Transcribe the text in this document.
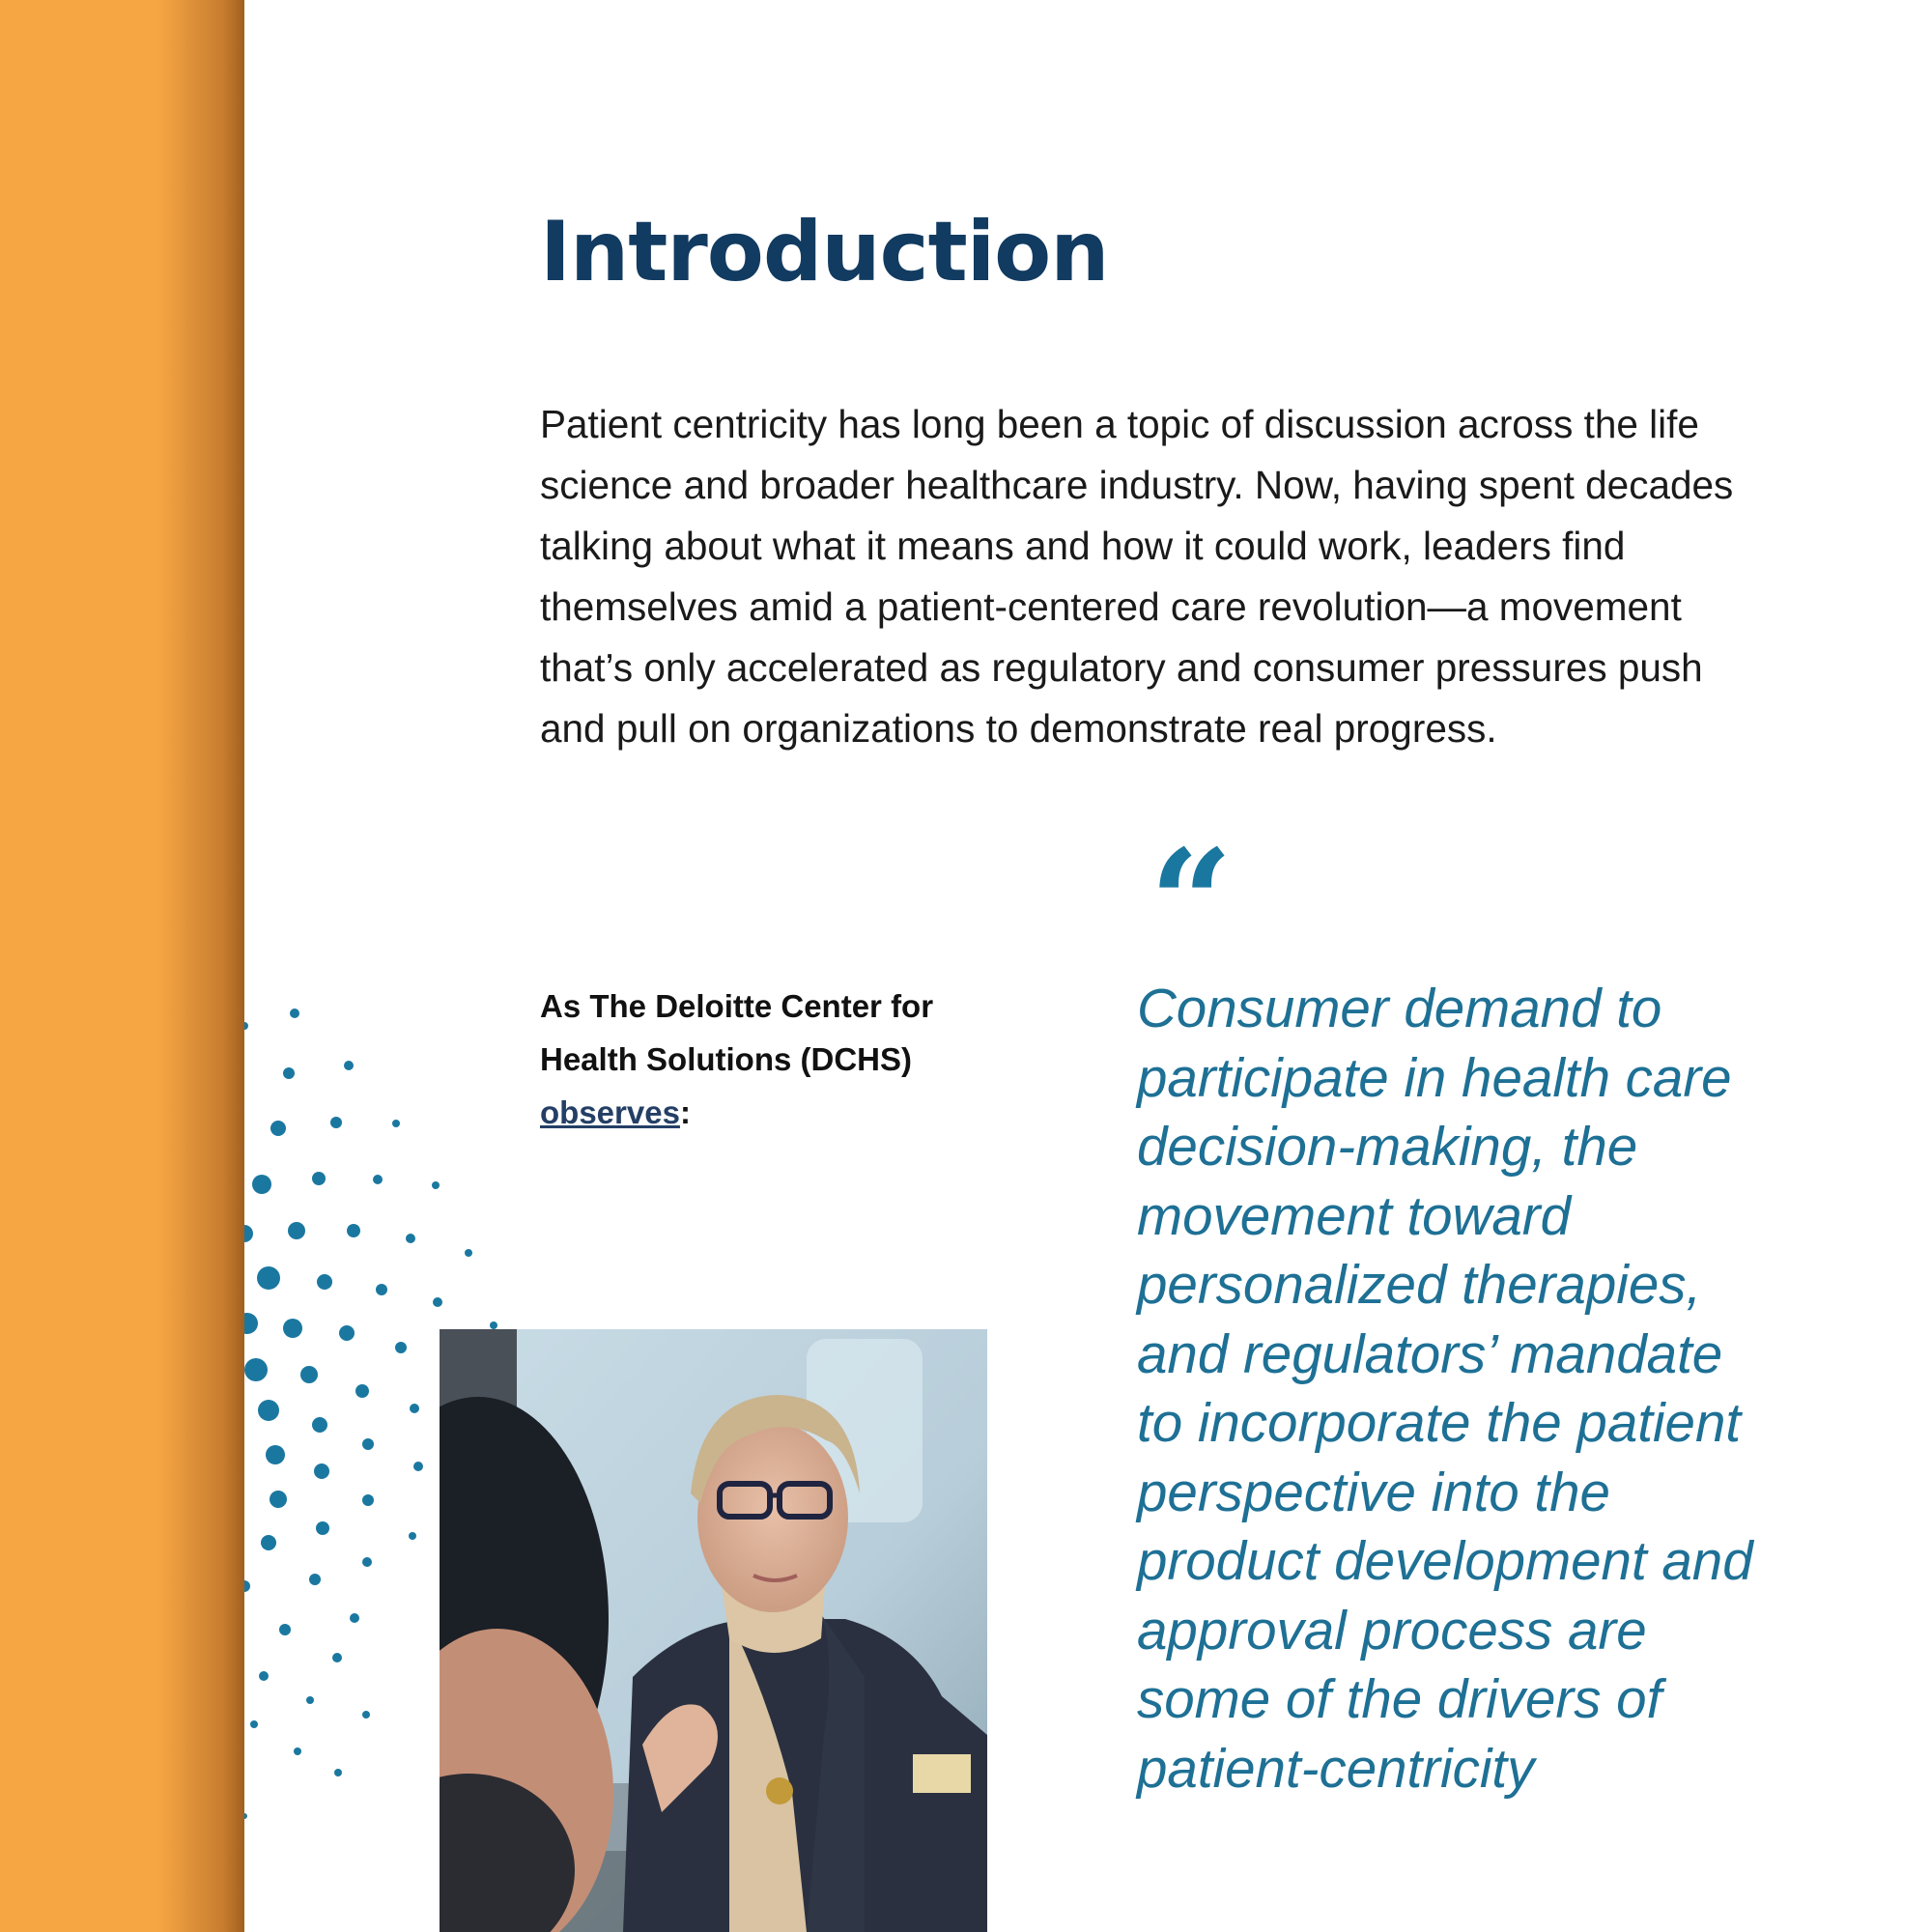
Introduction

Patient centricity has long been a topic of discussion across the life science and broader healthcare industry. Now, having spent decades talking about what it means and how it could work, leaders find themselves amid a patient-centered care revolution—a movement that’s only accelerated as regulatory and consumer pressures push and pull on organizations to demonstrate real progress.

As The Deloitte Center for Health Solutions (DCHS)
observes:

“

Consumer demand to participate in health care decision-making, the movement toward personalized therapies, and regulators’ mandate to incorporate the patient perspective into the product development and approval process are some of the drivers of patient-centricity
